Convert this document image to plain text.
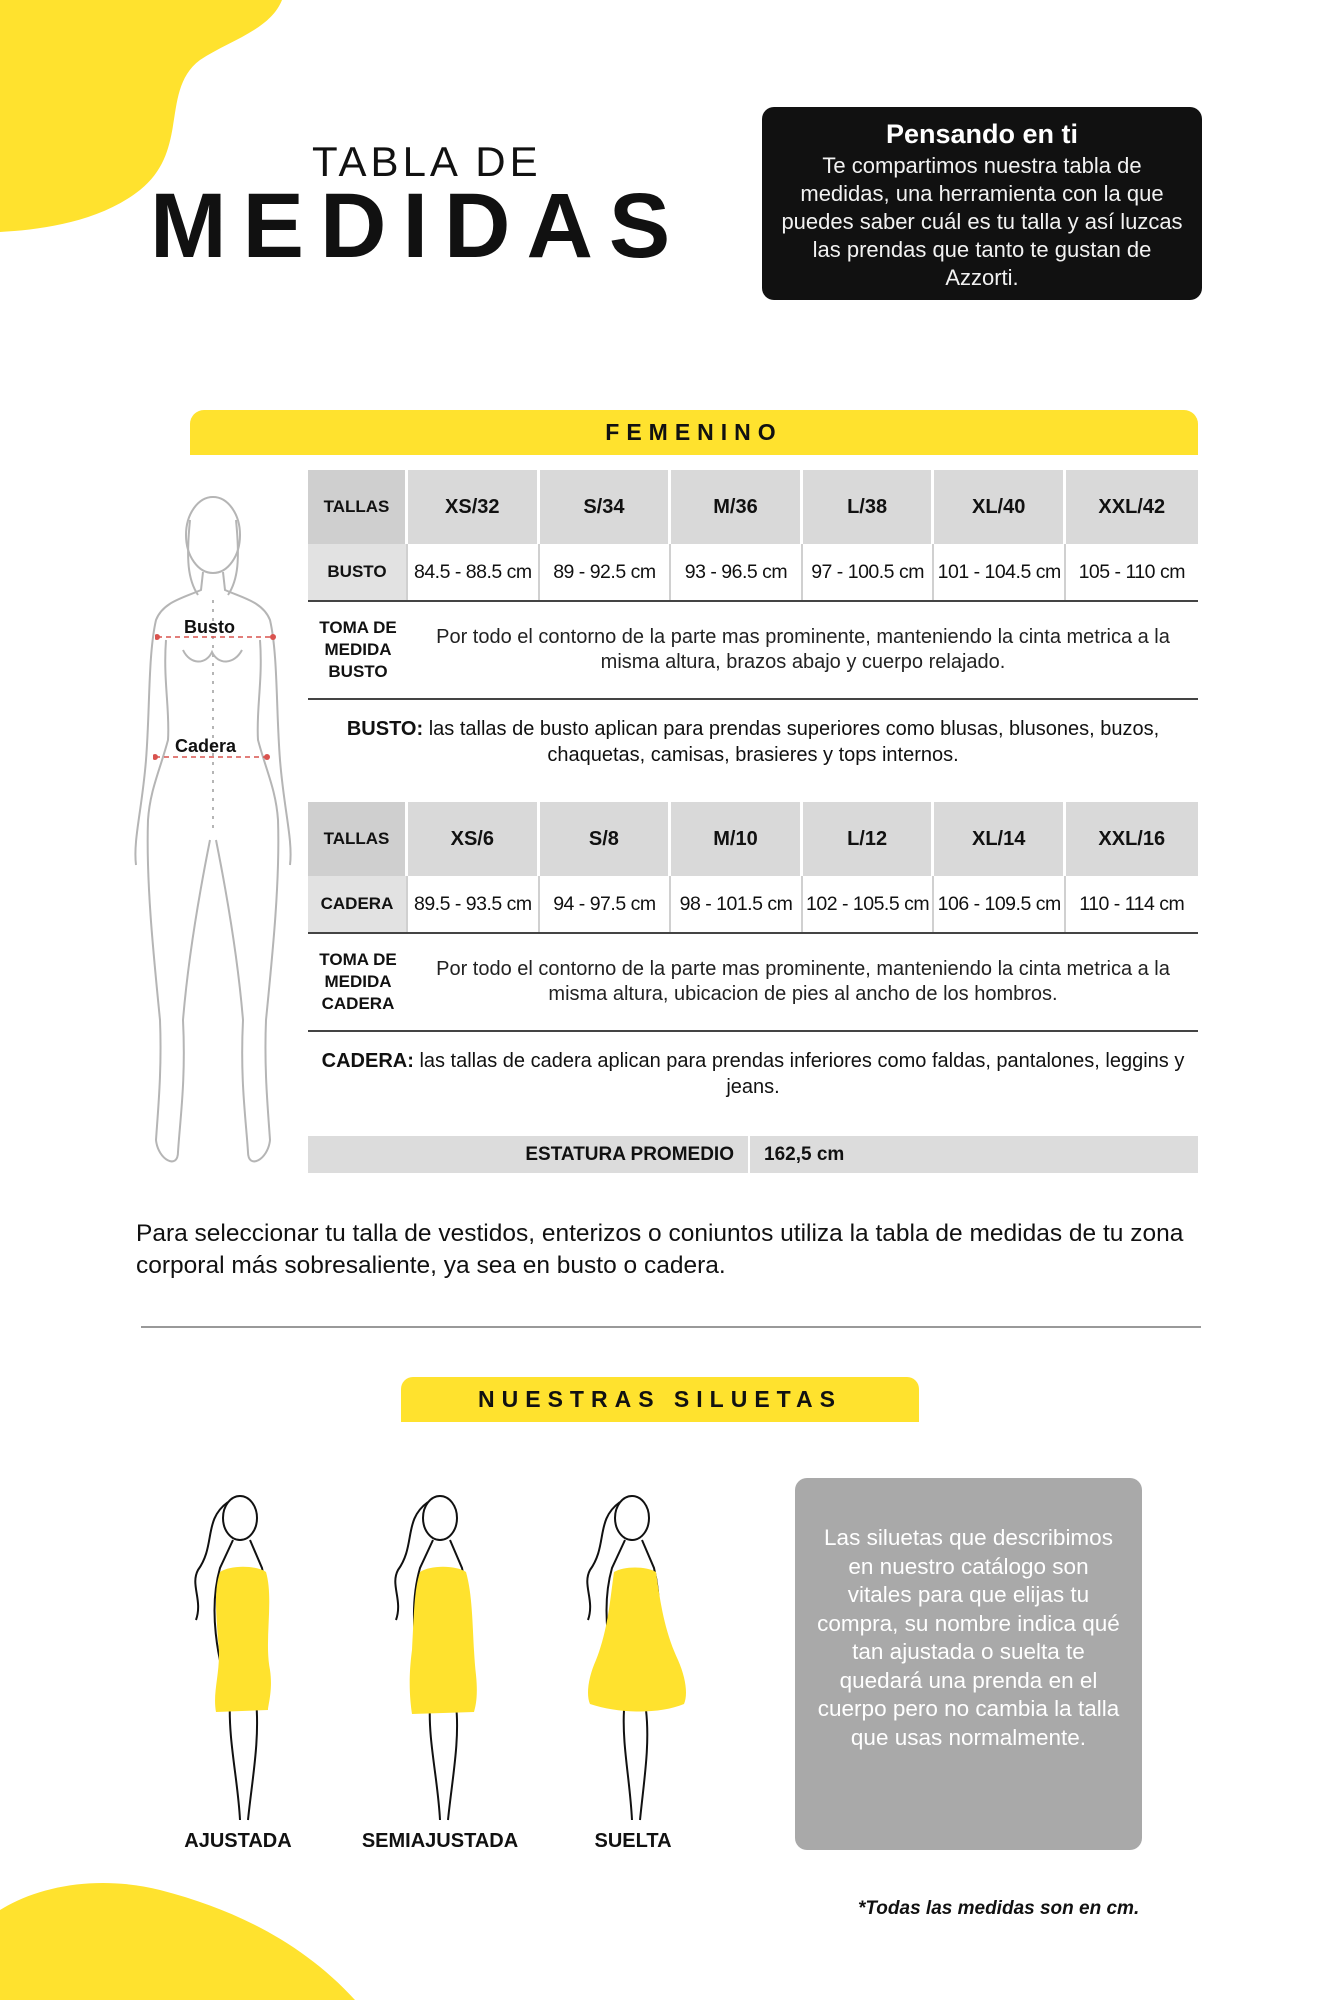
TABLA DE
MEDIDAS
Pensando en ti
Te compartimos nuestra tabla de medidas, una herramienta con la que puedes saber cuál es tu talla y así luzcas las prendas que tanto te gustan de Azzorti.
FEMENINO
Busto
Cadera
TALLAS	XS/32	S/34	M/36	L/38	XL/40	XXL/42
BUSTO	84.5 - 88.5 cm	89 - 92.5 cm	93 - 96.5 cm	97 - 100.5 cm 101 - 104.5 cm 105 - 110 cm
TOMA DE MEDIDA BUSTO
Por todo el contorno de la parte mas prominente, manteniendo la cinta metrica a la misma altura, brazos abajo y cuerpo relajado.
BUSTO: las tallas de busto aplican para prendas superiores como blusas, blusones, buzos, chaquetas, camisas, brasieres y tops internos.
TALLAS	XS/6	S/8	M/10	L/12	XL/14	XXL/16
CADERA	89.5 - 93.5 cm	94 - 97.5 cm	98 - 101.5 cm 102 - 105.5 cm 106 - 109.5 cm 110 - 114 cm
TOMA DE MEDIDA CADERA
Por todo el contorno de la parte mas prominente, manteniendo la cinta metrica a la misma altura, ubicacion de pies al ancho de los hombros.
CADERA: las tallas de cadera aplican para prendas inferiores como faldas, pantalones, leggins y jeans.
ESTATURA PROMEDIO	162,5 cm
Para seleccionar tu talla de vestidos, enterizos o coniuntos utiliza la tabla de medidas de tu zona corporal más sobresaliente, ya sea en busto o cadera.
NUESTRAS SILUETAS
AJUSTADA	SEMIAJUSTADA	SUELTA
Las siluetas que describimos en nuestro catálogo son vitales para que elijas tu compra, su nombre indica qué tan ajustada o suelta te quedará una prenda en el cuerpo pero no cambia la talla que usas normalmente.
*Todas las medidas son en cm.
